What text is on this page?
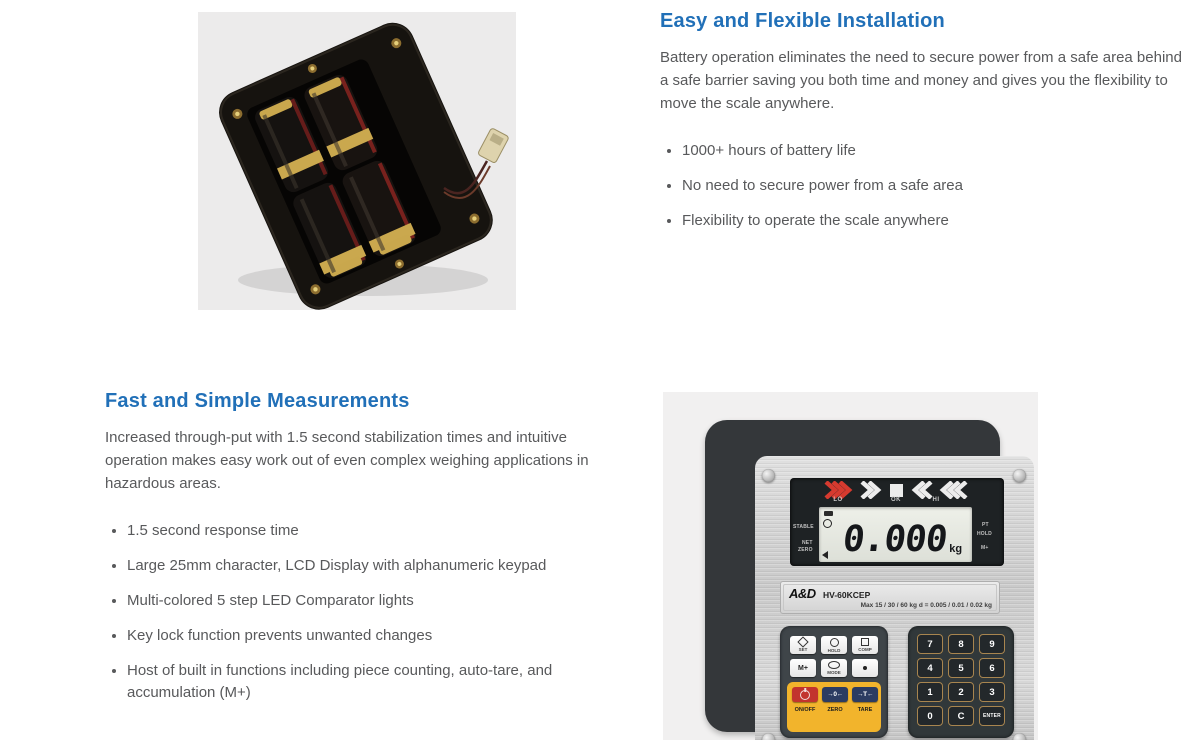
Easy and Flexible Installation

Battery operation eliminates the need to secure power from a safe area behind a safe barrier saving you both time and money and gives you the flexibility to move the scale anywhere.

• 1000+ hours of battery life
• No need to secure power from a safe area
• Flexibility to operate the scale anywhere
Fast and Simple Measurements

Increased through-put with 1.5 second stabilization times and intuitive operation makes easy work out of even complex weighing applications in hazardous areas.

• 1.5 second response time
• Large 25mm character, LCD Display with alphanumeric keypad
• Multi-colored 5 step LED Comparator lights
• Key lock function prevents unwanted changes
• Host of built in functions including piece counting, auto-tare, and accumulation (M+)
LO	OK	HI
STABLE
NET
ZERO
PT
HOLD
M+
0.000 kg
A&D HV-60KCEP
Max 15 / 30 / 60 kg d = 0.005 / 0.01 / 0.02 kg
SET	HOLD	COMP
M+
MODE
→0← →T←
ON/OFF	ZERO	TARE
7	8	9
4	5	6
1	2	3
0	C	ENTER
